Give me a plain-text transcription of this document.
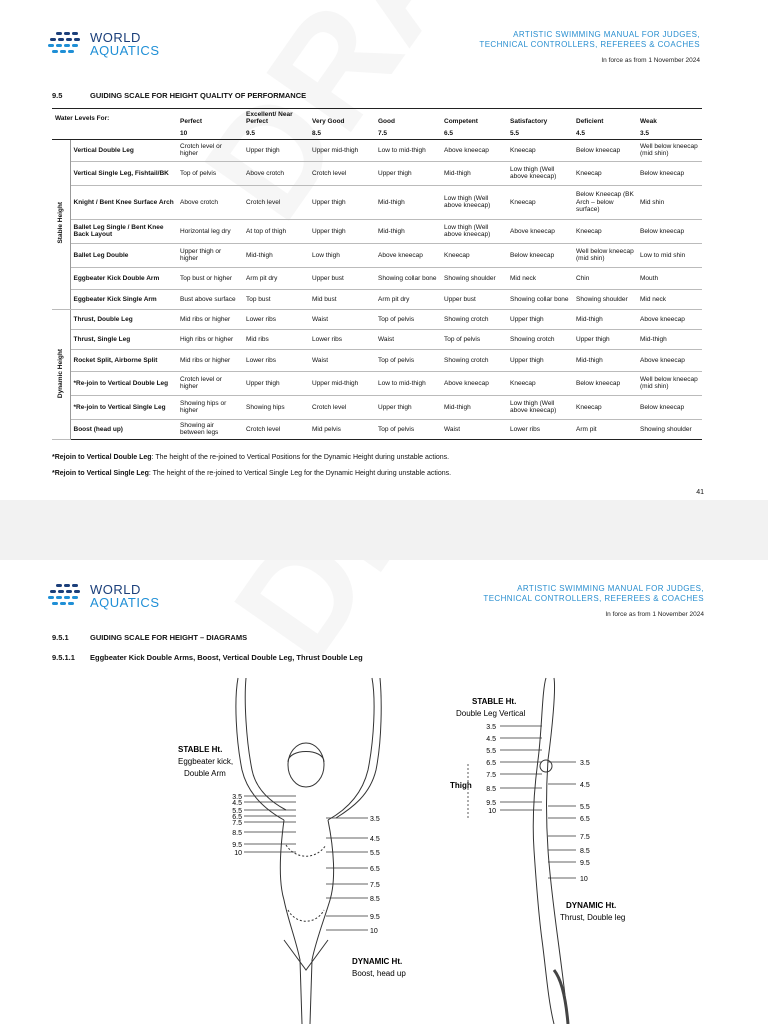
WORLD
AQUATICS
ARTISTIC SWIMMING MANUAL FOR JUDGES,
TECHNICAL CONTROLLERS, REFEREES & COACHES
In force as from 1 November 2024
9.5	GUIDING SCALE FOR HEIGHT QUALITY OF PERFORMANCE
Water Levels For:		Perfect	Excellent/ Near Perfect	Very Good	Good	Competent	Satisfactory	Deficient	Weak
		10	9.5	8.5	7.5	6.5	5.5	4.5	3.5
Stable Height	Vertical Double Leg	Crotch level or higher	Upper thigh	Upper mid-thigh	Low to mid-thigh	Above kneecap	Kneecap	Below kneecap	Well below kneecap (mid shin)
	Vertical Single Leg, Fishtail/BK	Top of pelvis	Above crotch	Crotch level	Upper thigh	Mid-thigh	Low thigh (Well above kneecap)	Kneecap	Below kneecap
	Knight / Bent Knee Surface Arch	Above crotch	Crotch level	Upper thigh	Mid-thigh	Low thigh (Well above kneecap)	Kneecap	Below Kneecap (BK Arch – below surface)	Mid shin
	Ballet Leg Single / Bent Knee Back Layout	Horizontal leg dry	At top of thigh	Upper thigh	Mid-thigh	Low thigh (Well above kneecap)	Above kneecap	Kneecap	Below kneecap
	Ballet Leg Double	Upper thigh or higher	Mid-thigh	Low thigh	Above kneecap	Kneecap	Below kneecap	Well below kneecap (mid shin)	Low to mid shin
	Eggbeater Kick Double Arm	Top bust or higher	Arm pit dry	Upper bust	Showing collar bone	Showing shoulder	Mid neck	Chin	Mouth
	Eggbeater Kick Single Arm	Bust above surface	Top bust	Mid bust	Arm pit dry	Upper bust	Showing collar bone	Showing shoulder	Mid neck
Dynamic Height	Thrust, Double Leg	Mid ribs or higher	Lower ribs	Waist	Top of pelvis	Showing crotch	Upper thigh	Mid-thigh	Above kneecap
	Thrust, Single Leg	High ribs or higher	Mid ribs	Lower ribs	Waist	Top of pelvis	Showing crotch	Upper thigh	Mid-thigh
	Rocket Split, Airborne Split	Mid ribs or higher	Lower ribs	Waist	Top of pelvis	Showing crotch	Upper thigh	Mid-thigh	Above kneecap
	*Re-join to Vertical Double Leg	Crotch level or higher	Upper thigh	Upper mid-thigh	Low to mid-thigh	Above kneecap	Kneecap	Below kneecap	Well below kneecap (mid shin)
	*Re-join to Vertical Single Leg	Showing hips or higher	Showing hips	Crotch level	Upper thigh	Mid-thigh	Low thigh (Well above kneecap)	Kneecap	Below kneecap
	Boost (head up)	Showing air between legs	Crotch level	Mid pelvis	Top of pelvis	Waist	Lower ribs	Arm pit	Showing shoulder
*Rejoin to Vertical Double Leg: The height of the re-joined to Vertical Positions for the Dynamic Height during unstable actions.
*Rejoin to Vertical Single Leg: The height of the re-joined to Vertical Single Leg for the Dynamic Height during unstable actions.
41
WORLD
AQUATICS
ARTISTIC SWIMMING MANUAL FOR JUDGES,
TECHNICAL CONTROLLERS, REFEREES & COACHES
In force as from 1 November 2024
9.5.1	GUIDING SCALE FOR HEIGHT – DIAGRAMS
9.5.1.1 Eggbeater Kick Double Arms, Boost, Vertical Double Leg, Thrust Double Leg
STABLE Ht.
Eggbeater kick,
Double Arm
3.5
4.5
5.5
6.5
7.5
8.5
9.5
10
3.5
4.5
5.5
6.5
7.5
8.5
9.5
10
DYNAMIC Ht.
Boost, head up
STABLE Ht.
Double Leg Vertical
Thigh
3.5
4.5
5.5
6.5
7.5
8.5
9.5
10
3.5
4.5
5.5
6.5
7.5
8.5
9.5
10
DYNAMIC Ht.
Thrust, Double leg
